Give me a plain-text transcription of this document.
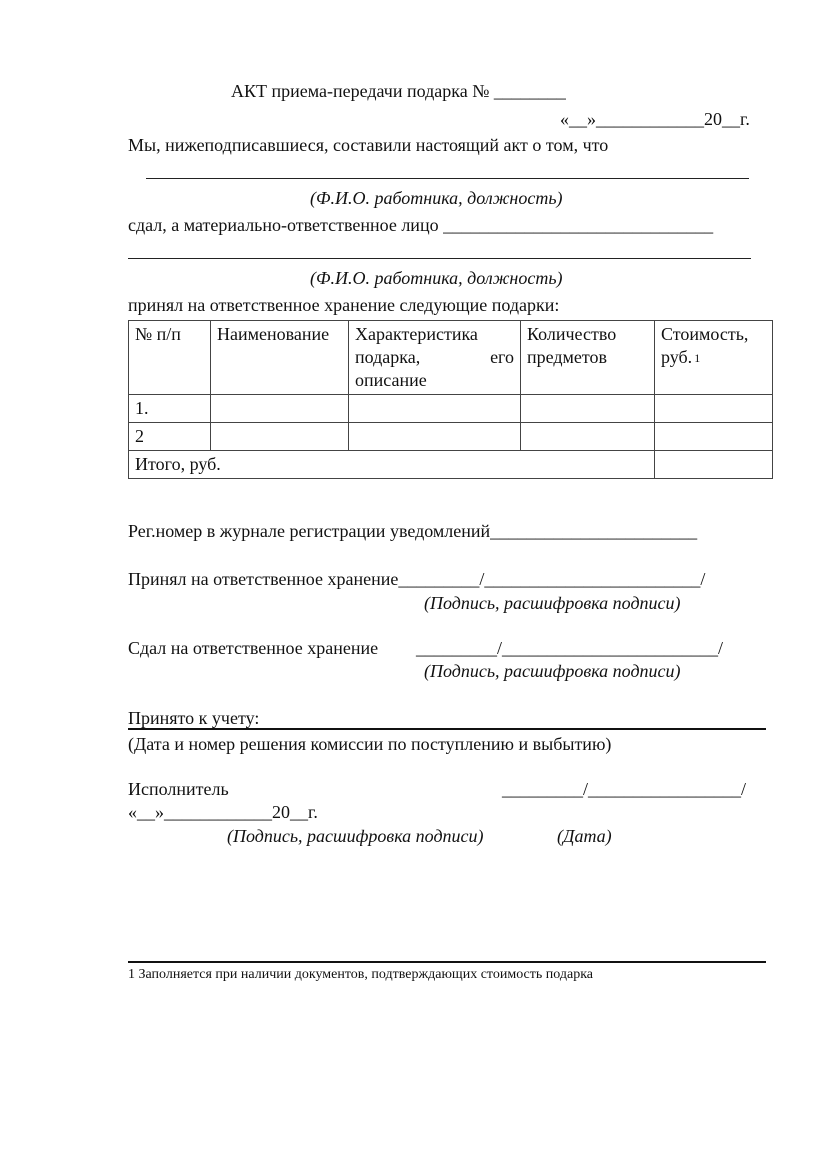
АКТ приема-передачи подарка № ________
«__»____________20__г.
Мы, нижеподписавшиеся, составили настоящий акт о том, что
(Ф.И.О. работника, должность)
сдал, а материально-ответственное лицо ______________________________
(Ф.И.О. работника, должность)
принял на ответственное хранение следующие подарки:
№ п/п	Наименование	Характеристика подарка, его описание	Количество предметов	Стоимость, руб. $^1$
1.				
2				
Итого, руб.				
Рег.номер в журнале регистрации уведомлений_______________________
Принял на ответственное хранение_________/________________________/
(Подпись, расшифровка подписи)
Сдал на ответственное хранение _________/________________________/
(Подпись, расшифровка подписи)
Принято к учету:
(Дата и номер решения комиссии по поступлению и выбытию)
Исполнитель	_________/_________________/
«__»____________20__г.
(Подпись, расшифровка подписи)	(Дата)
1 Заполняется при наличии документов, подтверждающих стоимость подарка
